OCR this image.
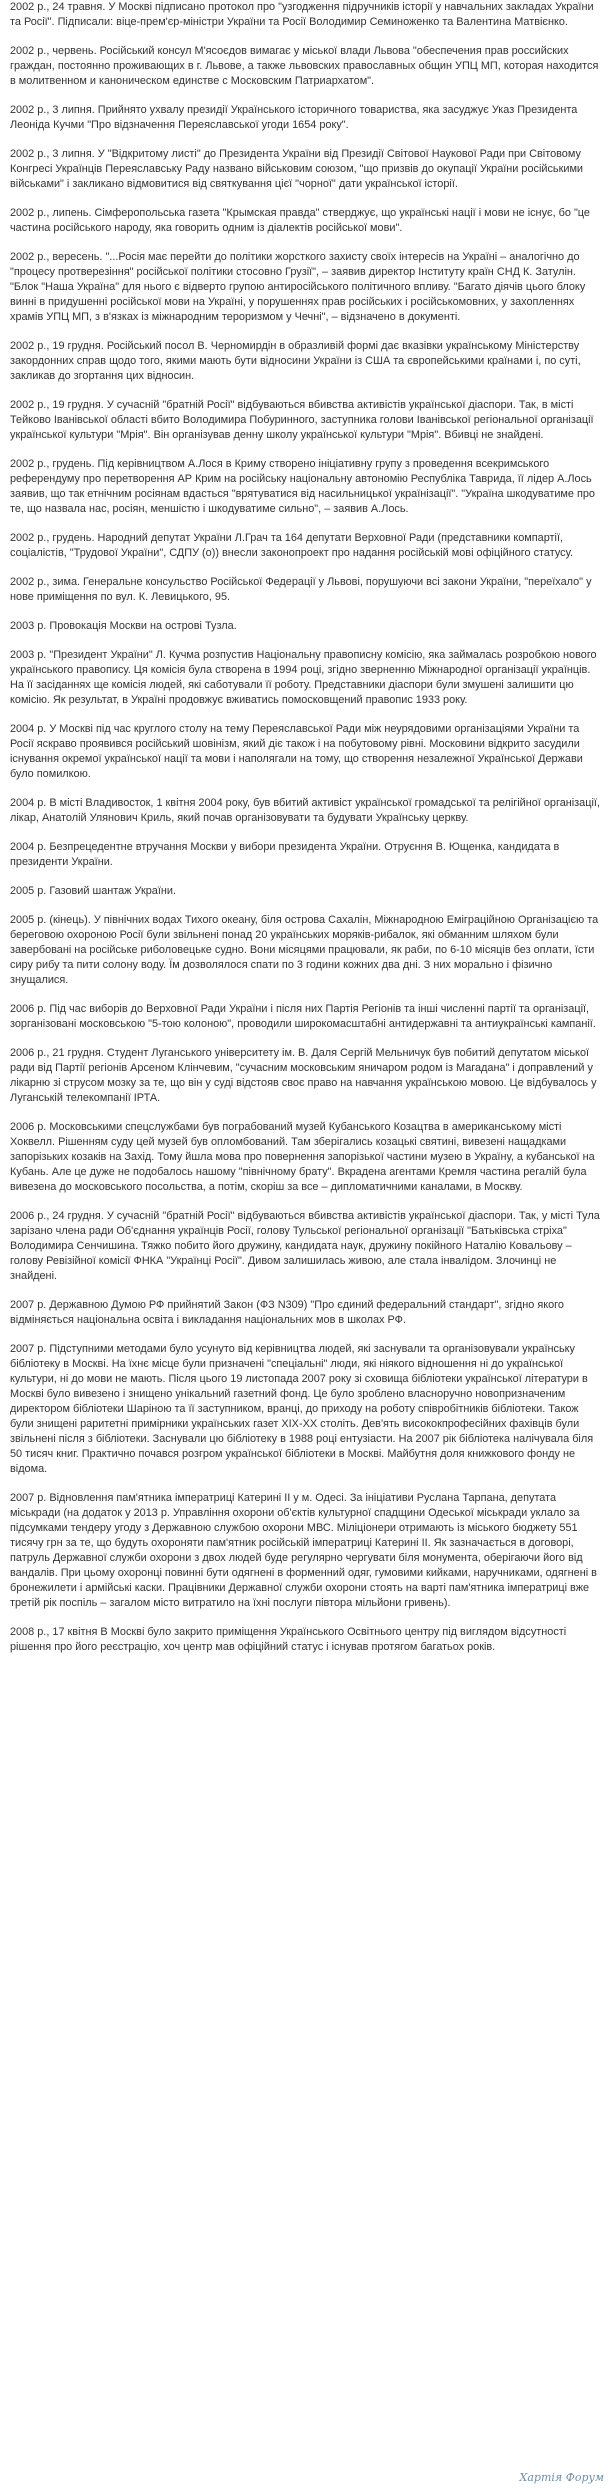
2002 р., 24 травня. У Москві підписано протокол про "узгодження підручників історії у навчальних закладах України та Росії". Підписали: віце-прем'єр-міністри України та Росії Володимир Семиноженко та Валентина Матвієнко.

2002 р., червень. Російський консул М'ясоєдов вимагає у міської влади Львова "обеспечения прав российских граждан, постоянно проживающих в г. Львове, а также львовских православных общин УПЦ МП, которая находится в молитвенном и каноническом единстве с Московским Патриархатом".

2002 р., 3 липня. Прийнято ухвалу президії Українського історичного товариства, яка засуджує Указ Президента Леоніда Кучми "Про відзначення Переяславської угоди 1654 року".

2002 р., 3 липня. У "Відкритому листі" до Президента України від Президії Світової Наукової Ради при Світовому Конгресі Українців Переяславську Раду названо військовим союзом, "що призвів до окупації України російськими військами" і закликано відмовитися від святкування цієї "чорної" дати української історії.

2002 р., липень. Сімферопольська газета "Крымская правда" стверджує, що українські нації і мови не існує, бо "це частина російського народу, яка говорить одним із діалектів російської мови".

2002 р., вересень. "...Росія має перейти до політики жорсткого захисту своїх інтересів на Україні – аналогічно до "процесу протверезіння" російської політики стосовно Грузії", – заявив директор Інституту країн СНД К. Затулін. "Блок "Наша Україна" для нього є відверто групою антиросійського політичного впливу. "Багато діячів цього блоку винні в придушенні російської мови на Україні, у порушеннях прав російських і російськомовних, у захопленнях храмів УПЦ МП, з в'язках із міжнародним тероризмом у Чечні", – відзначено в документі.

2002 р., 19 грудня. Російський посол В. Черномирдін в образливій формі дає вказівки українському Міністерству закордонних справ щодо того, якими мають бути відносини України із США та європейськими країнами і, по суті, закликав до згортання цих відносин.

2002 р., 19 грудня. У сучасній "братній Росії" відбуваються вбивства активістів української діаспори. Так, в місті Тейково Іванівської області вбито Володимира Побуринного, заступника голови Іванівської регіональної організації української культури "Мрія". Він організував денну школу української культури "Мрія". Вбивці не знайдені.

2002 р., грудень. Під керівництвом А.Лося в Криму створено ініціативну групу з проведення всекримського референдуму про перетворення АР Крим на російську національну автономію Республіка Таврида, її лідер А.Лось заявив, що так етнічним росіянам вдасться "врятуватися від насильницької українізації". "Україна шкодуватиме про те, що назвала нас, росіян, меншістю і шкодуватиме сильно", – заявив А.Лось.

2002 р., грудень. Народний депутат України Л.Грач та 164 депутати Верховної Ради (представники компартії, соціалістів, "Трудової України", СДПУ (о)) внесли законопроект про надання російській мові офіційного статусу.

2002 р., зима. Генеральне консульство Російської Федерації у Львові, порушуючи всі закони України, "переїхало" у нове приміщення по вул. К. Левицького, 95.

2003 р. Провокація Москви на острові Тузла.

2003 р. "Президент України" Л. Кучма розпустив Національну правописну комісію, яка займалась розробкою нового українського правопису. Ця комісія була створена в 1994 році, згідно зверненню Міжнародної організації українців. На її засіданнях ще комісія людей, які саботували її роботу. Представники діаспори були змушені залишити цю комісію. Як результат, в Україні продовжує вживатись помосковщений правопис 1933 року.

2004 р. У Москві під час круглого столу на тему Переяславської Ради між неурядовими організаціями України та Росії яскраво проявився російський шовінізм, який діє також і на побутовому рівні. Московини відкрито засудили існування окремої української нації та мови і наполягали на тому, що створення незалежної Української Держави було помилкою.

2004 р. В місті Владивосток, 1 квітня 2004 року, був вбитий активіст української громадської та релігійної організації, лікар, Анатолій Улянович Криль, який почав організовувати та будувати Українську церкву.

2004 р. Безпрецедентне втручання Москви у вибори президента України. Отруєння В. Ющенка, кандидата в президенти України.

2005 р. Газовий шантаж України.

2005 р. (кінець). У північних водах Тихого океану, біля острова Сахалін, Міжнародною Еміграційною Організацією та береговою охороною Росії були звільнені понад 20 українських моряків-рибалок, які обманним шляхом були завербовані на російське риболовецьке судно. Вони місяцями працювали, як раби, по 6-10 місяців без оплати, їсти сиру рибу та пити солону воду. Їм дозволялося спати по 3 години кожних два дні. З них морально і фізично знущалися.

2006 р. Під час виборів до Верховної Ради України і після них Партія Регіонів та інші численні партії та організації, зорганізовані московською "5-тою колоною", проводили широкомасштабні антидержавні та антиукраїнські кампанії.

2006 р., 21 грудня. Студент Луганського університету ім. В. Даля Сергій Мельничук був побитий депутатом міської ради від Партії регіонів Арсеном Клінчевим, "сучасним московським яничаром родом із Магадана" і доправлений у лікарню зі струсом мозку за те, що він у суді відстояв своє право на навчання українською мовою. Це відбувалось у Луганській телекомпанії ІРТА.

2006 р. Московськими спецслужбами був пограбований музей Кубанського Козацтва в американському місті Хоквелл. Рішенням суду цей музей був опломбований. Там зберігались козацькі святині, вивезені нащадками запорізьких козаків на Захід. Тому йшла мова про повернення запорізької частини музею в Україну, а кубанської на Кубань. Але це дуже не подобалось нашому "північному брату". Вкрадена агентами Кремля частина регалій була вивезена до московського посольства, а потім, скоріш за все – дипломатичними каналами, в Москву.

2006 р., 24 грудня. У сучасній "братній Росії" відбуваються вбивства активістів української діаспори. Так, у місті Тула зарізано члена ради Об'єднання українців Росії, голову Тульської регіональної організації "Батьківська стріха" Володимира Сенчишина. Тяжко побито його дружину, кандидата наук, дружину покійного Наталію Ковальову – голову Ревізійної комісії ФНКА "Українці Росії". Дивом залишилась живою, але стала інвалідом. Злочинці не знайдені.

2007 р. Державною Думою РФ прийнятий Закон (ФЗ N309) "Про єдиний федеральний стандарт", згідно якого відміняється національна освіта і викладання національних мов в школах РФ.

2007 р. Підступними методами було усунуто від керівництва людей, які заснували та організовували українську бібліотеку в Москві. На їхнє місце були призначені "спеціальні" люди, які ніякого відношення ні до української культури, ні до мови не мають. Після цього 19 листопада 2007 року зі сховища бібліотеки української літератури в Москві було вивезено і знищено унікальний газетний фонд. Це було зроблено власноручно новопризначеним директором бібліотеки Шаріною та її заступником, вранці, до приходу на роботу співробітників бібліотеки. Також були знищені раритетні примірники українських газет XIX-XX століть. Дев'ять висококпрофесійних фахівців були звільнені після з бібліотеки. Заснували цю бібліотеку в 1988 році ентузіасти. На 2007 рік бібліотека налічувала біля 50 тисяч книг. Практично почався розгром української бібліотеки в Москві. Майбутня доля книжкового фонду не відома.

2007 р. Відновлення пам'ятника імператриці Катерині ІІ у м. Одесі. За ініціативи Руслана Тарпана, депутата міськради (на додаток у 2013 р. Управління охорони об'єктів культурної спадщини Одеської міськради уклало за підсумками тендеру угоду з Державною службою охорони МВС. Міліціонери отримають із міського бюджету 551 тисячу грн за те, що будуть охороняти пам'ятник російській імператриці Катерині ІІ. Як зазначається в договорі, патруль Державної служби охорони з двох людей буде регулярно чергувати біля монумента, оберігаючи його від вандалів. При цьому охоронці повинні бути одягнені в форменний одяг, гумовими кийками, наручниками, одягнені в бронежилети і армійські каски. Працівники Державної служби охорони стоять на варті пам'ятника імператриці вже третій рік поспіль – загалом місто витратило на їхні послуги півтора мільйони гривень).

2008 р., 17 квітня В Москві було закрито приміщення Українського Освітнього центру під виглядом відсутності рішення про його реєстрацію, хоч центр мав офіційний статус і існував протягом багатьох років.

Хартія Форум
